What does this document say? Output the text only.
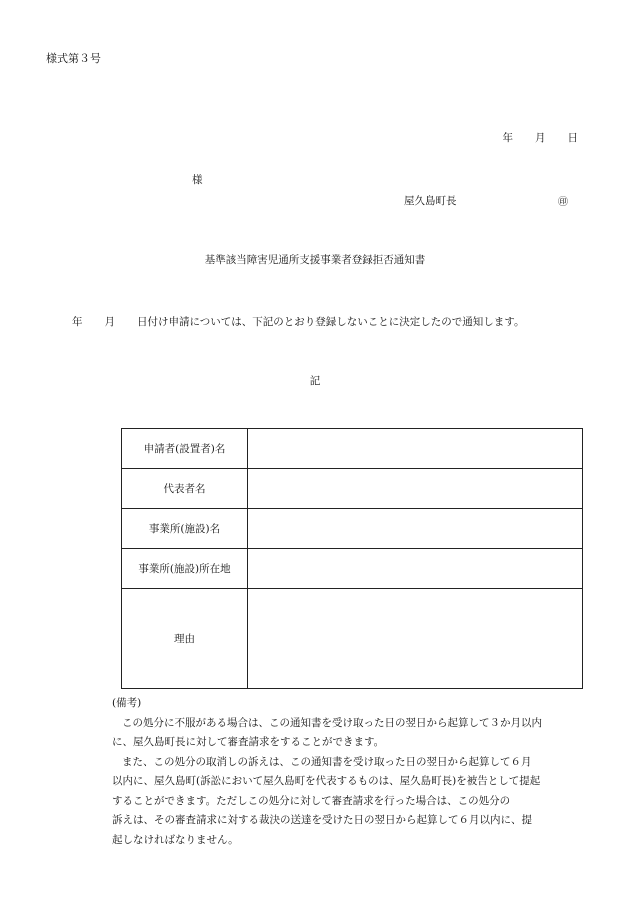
様式第３号
年 月 日
様
屋久島町長	㊞
基準該当障害児通所支援事業者登録拒否通知書
年 月 日付け申請については、下記のとおり登録しないことに決定したので通知します。
記
申請者(設置者)名	
代表者名	
事業所(施設)名	
事業所(施設)所在地	
理由	

(備考)

この処分に不服がある場合は、この通知書を受け取った日の翌日から起算して３か月以内

に、屋久島町長に対して審査請求をすることができます。

また、この処分の取消しの訴えは、この通知書を受け取った日の翌日から起算して６月

以内に、屋久島町(訴訟において屋久島町を代表するものは、屋久島町長)を被告として提起

することができます。ただしこの処分に対して審査請求を行った場合は、この処分の

訴えは、その審査請求に対する裁決の送達を受けた日の翌日から起算して６月以内に、提

起しなければなりません。
